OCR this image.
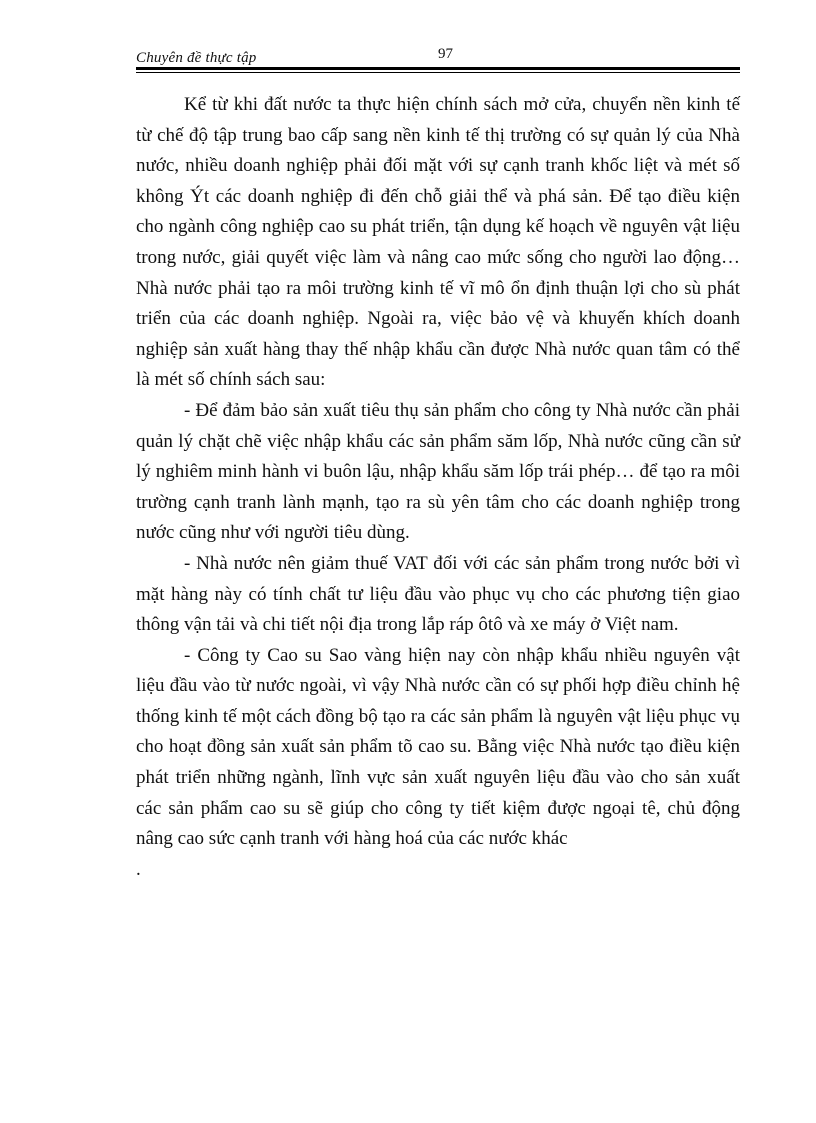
Chuyên đề thực tập	97

Kể từ khi đất nước ta thực hiện chính sách mở cửa, chuyển nền kinh tế từ chế độ tập trung bao cấp sang nền kinh tế thị trường có sự quản lý của Nhà nước, nhiều doanh nghiệp phải đối mặt với sự cạnh tranh khốc liệt và mét số không Ýt các doanh nghiệp đi đến chỗ giải thể và phá sản. Để tạo điều kiện cho ngành công nghiệp cao su phát triển, tận dụng kế hoạch về nguyên vật liệu trong nước, giải quyết việc làm và nâng cao mức sống cho người lao động…Nhà nước phải tạo ra môi trường kinh tế vĩ mô ổn định thuận lợi cho sù phát triển của các doanh nghiệp. Ngoài ra, việc bảo vệ và khuyến khích doanh nghiệp sản xuất hàng thay thế nhập khẩu cần được Nhà nước quan tâm có thể là mét số chính sách sau:

- Để đảm bảo sản xuất tiêu thụ sản phẩm cho công ty Nhà nước cần phải quản lý chặt chẽ việc nhập khẩu các sản phẩm săm lốp, Nhà nước cũng cần sử lý nghiêm minh hành vi buôn lậu, nhập khẩu săm lốp trái phép… để tạo ra môi trường cạnh tranh lành mạnh, tạo ra sù yên tâm cho các doanh nghiệp trong nước cũng như với người tiêu dùng.

- Nhà nước nên giảm thuế VAT đối với các sản phẩm trong nước bởi vì mặt hàng này có tính chất tư liệu đầu vào phục vụ cho các phương tiện giao thông vận tải và chi tiết nội địa trong lắp ráp ôtô và xe máy ở Việt nam.

- Công ty Cao su Sao vàng hiện nay còn nhập khẩu nhiều nguyên vật liệu đầu vào từ nước ngoài, vì vậy Nhà nước cần có sự phối hợp điều chỉnh hệ thống kinh tế một cách đồng bộ tạo ra các sản phẩm là nguyên vật liệu phục vụ cho hoạt đồng sản xuất sản phẩm tõ cao su. Bằng việc Nhà nước tạo điều kiện phát triển những ngành, lĩnh vực sản xuất nguyên liệu đầu vào cho sản xuất các sản phẩm cao su sẽ giúp cho công ty tiết kiệm được ngoại tê, chủ động nâng cao sức cạnh tranh với hàng hoá của các nước khác

.
